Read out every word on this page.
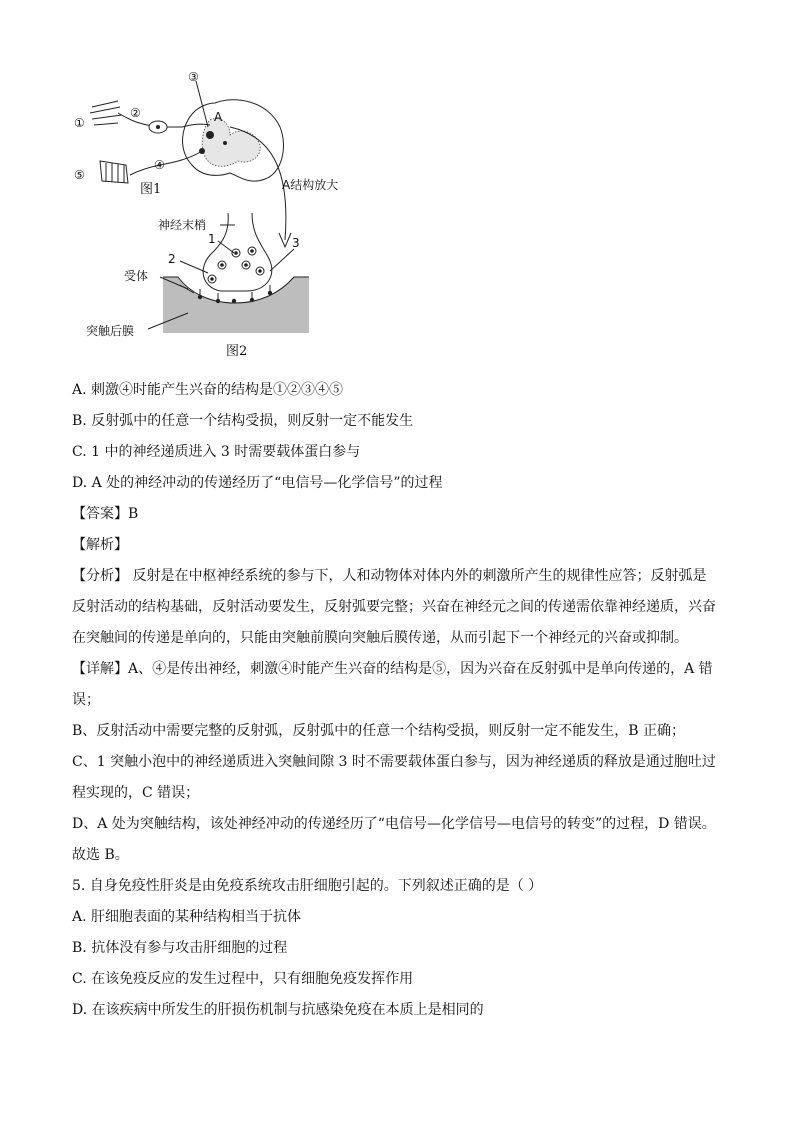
①
②
③
④
⑤
A
图1	A结构放大
神经末梢
1
2
3
受体
突触后膜
图2
A. 刺激④时能产生兴奋的结构是①②③④⑤
B. 反射弧中的任意一个结构受损，则反射一定不能发生
C. 1 中的神经递质进入 3 时需要载体蛋白参与
D. A 处的神经冲动的传递经历了“电信号—化学信号”的过程
【答案】B
【解析】
【分析】 反射是在中枢神经系统的参与下，人和动物体对体内外的刺激所产生的规律性应答；反射弧是
反射活动的结构基础，反射活动要发生，反射弧要完整；兴奋在神经元之间的传递需依靠神经递质，兴奋
在突触间的传递是单向的，只能由突触前膜向突触后膜传递，从而引起下一个神经元的兴奋或抑制。
【详解】A、④是传出神经，刺激④时能产生兴奋的结构是⑤，因为兴奋在反射弧中是单向传递的，A 错
误；
B、反射活动中需要完整的反射弧，反射弧中的任意一个结构受损，则反射一定不能发生，B 正确；
C、1 突触小泡中的神经递质进入突触间隙 3 时不需要载体蛋白参与，因为神经递质的释放是通过胞吐过
程实现的，C 错误；
D、A 处为突触结构，该处神经冲动的传递经历了“电信号—化学信号—电信号的转变”的过程，D 错误。
故选 B。
5. 自身免疫性肝炎是由免疫系统攻击肝细胞引起的。下列叙述正确的是（ ）
A. 肝细胞表面的某种结构相当于抗体
B. 抗体没有参与攻击肝细胞的过程
C. 在该免疫反应的发生过程中，只有细胞免疫发挥作用
D. 在该疾病中所发生的肝损伤机制与抗感染免疫在本质上是相同的
